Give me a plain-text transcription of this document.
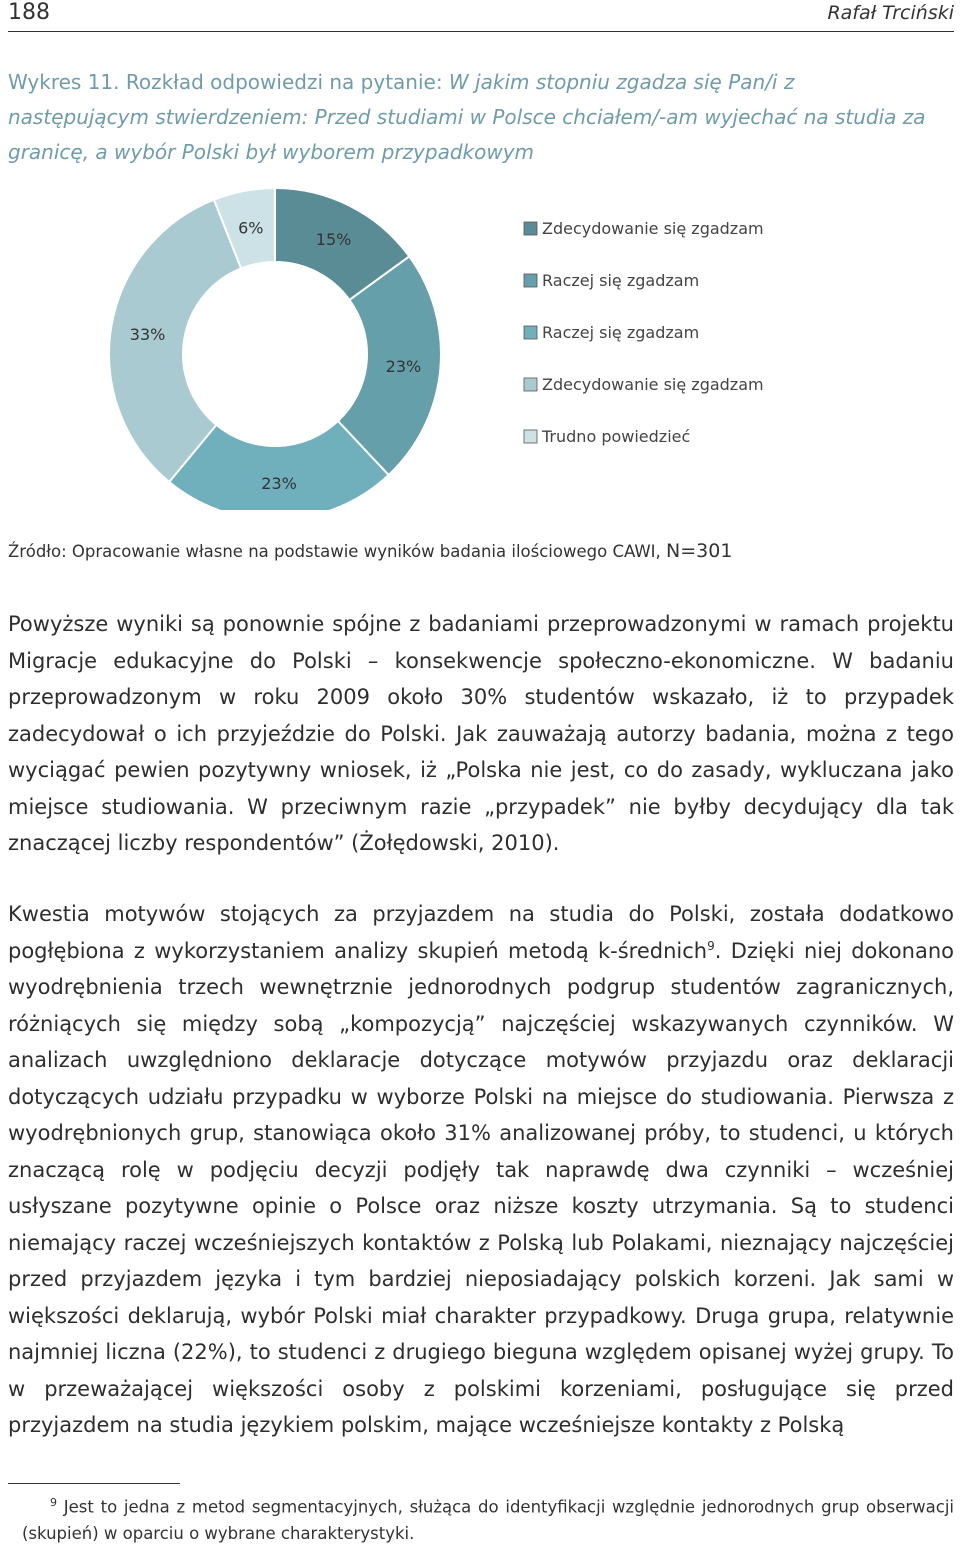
188	Rafał Trciński
Wykres 11. Rozkład odpowiedzi na pytanie: W jakim stopniu zgadza się Pan/i z następującym stwierdzeniem: Przed studiami w Polsce chciałem/-am wyjechać na studia za granicę, a wybór Polski był wyborem przypadkowym
15%
23%
23%
33%
6%	Zdecydowanie się zgadzam
Raczej się zgadzam
Raczej się zgadzam
Zdecydowanie się zgadzam
Trudno powiedzieć
Źródło: Opracowanie własne na podstawie wyników badania ilościowego CAWI, N=301

Powyższe wyniki są ponownie spójne z badaniami przeprowadzonymi w ramach projektu Migracje edukacyjne do Polski – konsekwencje społeczno-ekonomiczne. W badaniu przeprowadzonym w roku 2009 około 30% studentów wskazało, iż to przypadek zadecydował o ich przyjeździe do Polski. Jak zauważają autorzy badania, można z tego wyciągać pewien pozytywny wniosek, iż „Polska nie jest, co do zasady, wykluczana jako miejsce studiowania. W przeciwnym razie „przypadek” nie byłby decydujący dla tak znaczącej liczby respondentów” (Żołędowski, 2010).

Kwestia motywów stojących za przyjazdem na studia do Polski, została dodatkowo pogłębiona z wykorzystaniem analizy skupień metodą k-średnich$^9$. Dzięki niej dokonano wyodrębnienia trzech wewnętrznie jednorodnych podgrup studentów zagranicznych, różniących się między sobą „kompozycją” najczęściej wskazywanych czynników. W analizach uwzględniono deklaracje dotyczące motywów przyjazdu oraz deklaracji dotyczących udziału przypadku w wyborze Polski na miejsce do studiowania. Pierwsza z wyodrębnionych grup, stanowiąca około 31% analizowanej próby, to studenci, u których znaczącą rolę w podjęciu decyzji podjęły tak naprawdę dwa czynniki – wcześniej usłyszane pozytywne opinie o Polsce oraz niższe koszty utrzymania. Są to studenci niemający raczej wcześniejszych kontaktów z Polską lub Polakami, nieznający najczęściej przed przyjazdem języka i tym bardziej nieposiadający polskich korzeni. Jak sami w większości deklarują, wybór Polski miał charakter przypadkowy. Druga grupa, relatywnie najmniej liczna (22%), to studenci z drugiego bieguna względem opisanej wyżej grupy. To w przeważającej większości osoby z polskimi korzeniami, posługujące się przed przyjazdem na studia językiem polskim, mające wcześniejsze kontakty z Polską

$^9$ Jest to jedna z metod segmentacyjnych, służąca do identyfikacji względnie jednorodnych grup obserwacji (skupień) w oparciu o wybrane charakterystyki.
